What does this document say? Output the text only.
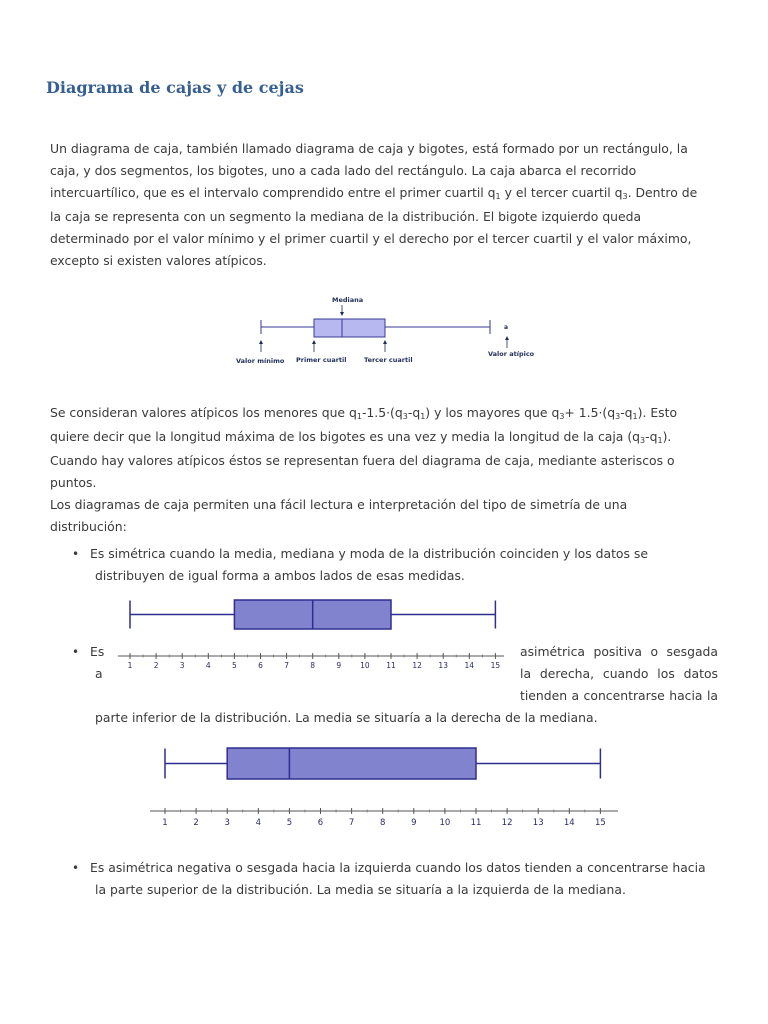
Diagrama de cajas y de cejas

Un diagrama de caja, también llamado diagrama de caja y bigotes, está formado por un rectángulo, la
caja, y dos segmentos, los bigotes, uno a cada lado del rectángulo. La caja abarca el recorrido
intercuartílico, que es el intervalo comprendido entre el primer cuartil $q_1$ y el tercer cuartil $q_3$. Dentro de
la caja se representa con un segmento la mediana de la distribución. El bigote izquierdo queda
determinado por el valor mínimo y el primer cuartil y el derecho por el tercer cuartil y el valor máximo,
excepto si existen valores atípicos.

Mediana
a
Valor mínimo Primer cuartil	Tercer cuartil
Valor atípico

Se consideran valores atípicos los menores que $q_1-1.5\cdot(q_3-q_1)$ y los mayores que $q_3+ 1.5\cdot(q_3-q_1)$. Esto
quiere decir que la longitud máxima de los bigotes es una vez y media la longitud de la caja $(q_3-q_1)$.
Cuando hay valores atípicos éstos se representan fuera del diagrama de caja, mediante asteriscos o
puntos.

Los diagramas de caja permiten una fácil lectura e interpretación del tipo de simetría de una
distribución:

• Es simétrica cuando la media, mediana y moda de la distribución coinciden y los datos se
distribuyen de igual forma a ambos lados de esas medidas.

1	2	3	4	5	6	7	8	9	10 11 12 13 14 15
• Es
a
asimétrica positiva o sesgada
la derecha, cuando los datos
tienden a concentrarse hacia la
parte inferior de la distribución. La media se situaría a la derecha de la mediana.
1	2	3	4	5	6	7	8	9	10 11 12 13 14 15
• Es asimétrica negativa o sesgada hacia la izquierda cuando los datos tienden a concentrarse hacia
la parte superior de la distribución. La media se situaría a la izquierda de la mediana.
